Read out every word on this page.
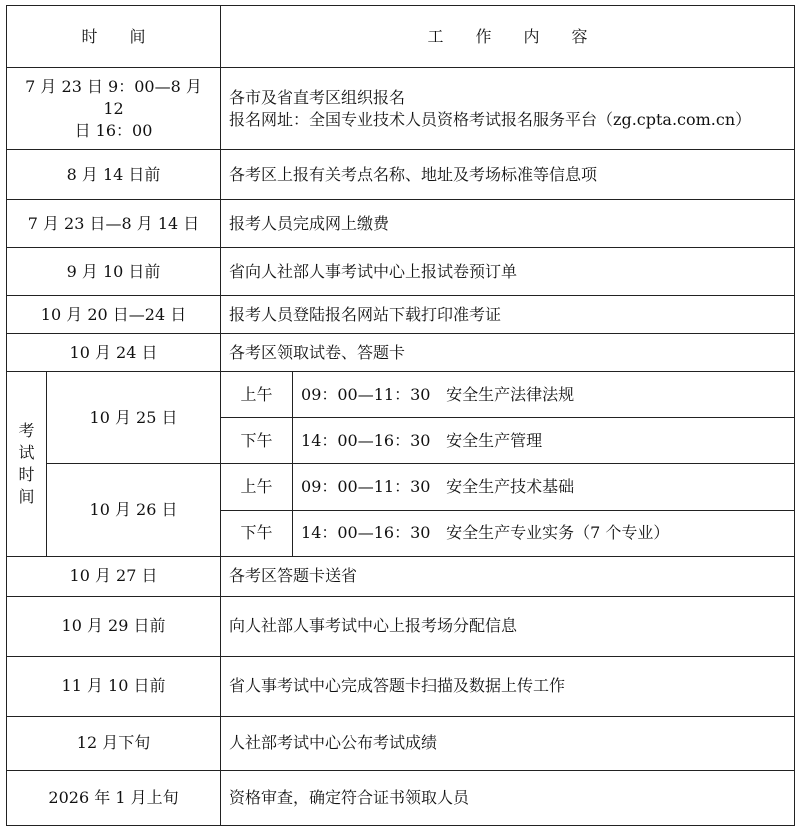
时　　间		工　　作　　内　　容	

7 月 23 日 9：00—8 月 12
日 16：00		各市及省直考区组织报名
报名网址：全国专业技术人员资格考试报名服务平台（zg.cpta.com.cn）	

8 月 14 日前		各考区上报有关考点名称、地址及考场标准等信息项	
7 月 23 日—8 月 14 日		报考人员完成网上缴费	
9 月 10 日前		省向人社部人事考试中心上报试卷预订单	
10 月 20 日—24 日		报考人员登陆报名网站下载打印准考证	
10 月 24 日		各考区领取试卷、答题卡	
考试时间	10 月 25 日	上午	09：00—11：30 安全生产法律法规
		下午	14：00—16：30 安全生产管理
	10 月 26 日	上午	09：00—11：30 安全生产技术基础
		下午	14：00—16：30 安全生产专业实务（7 个专业）
10 月 27 日		各考区答题卡送省	
10 月 29 日前		向人社部人事考试中心上报考场分配信息	
11 月 10 日前		省人事考试中心完成答题卡扫描及数据上传工作	
12 月下旬		人社部考试中心公布考试成绩	
2026 年 1 月上旬		资格审查，确定符合证书领取人员	
